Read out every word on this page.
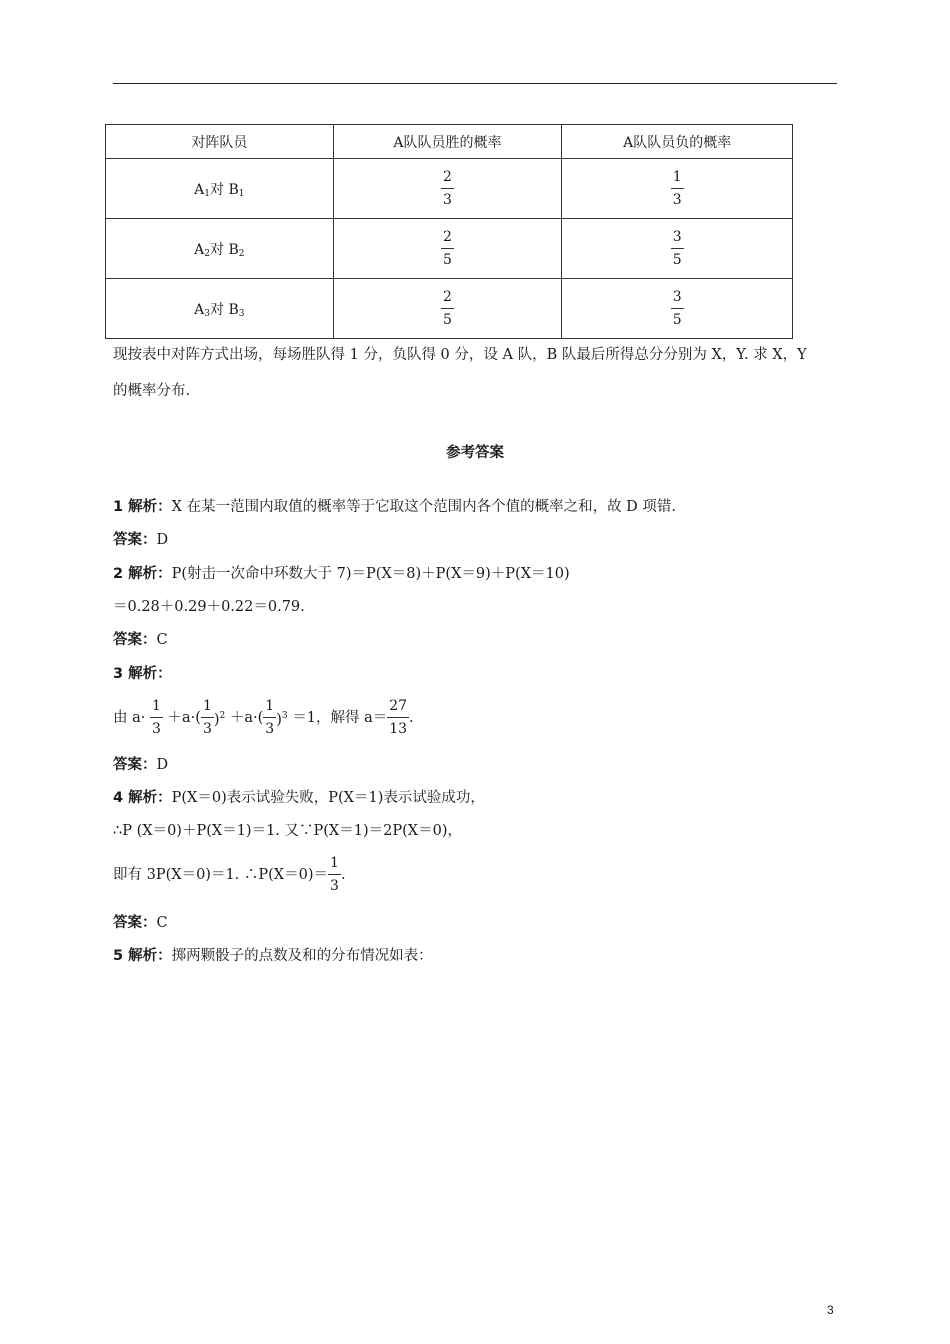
对阵队员	A队队员胜的概率	A队队员负的概率
$A_1$对 $B_1$	$\frac{2}{3}$	$\frac{1}{3}$

$A_2$对 $B_2$	$\frac{2}{5}$	$\frac{3}{5}$

$A_3$对 $B_3$	$\frac{2}{5}$	$\frac{3}{5}$
现按表中对阵方式出场，每场胜队得 1 分，负队得 0 分，设 A 队，B 队最后所得总分分别为 X，Y. 求 X，Y
的概率分布.
参考答案
1 解析：X 在某一范围内取值的概率等于它取这个范围内各个值的概率之和，故 D 项错.
答案：D
2 解析：P(射击一次命中环数大于 7)＝P(X＝8)＋P(X＝9)＋P(X＝10)
＝0.28＋0.29＋0.22＝0.79.
答案：C
3 解析：
由 $a\cdot \frac{1}{3} +a\cdot( \frac{1}{3} )^2 +a\cdot( \frac{1}{3} )^3 =1$，解得 $a= \frac{27}{13}$ .
答案：D
4 解析：P(X＝0)表示试验失败，P(X＝1)表示试验成功，
∴P (X＝0)＋P(X＝1)＝1. 又∵P(X＝1)＝2P(X＝0)，
即有 3P(X＝0)＝1. ∴P(X＝0)＝ $\frac{1}{3}$ .
答案：C
5 解析：掷两颗骰子的点数及和的分布情况如表：
3
